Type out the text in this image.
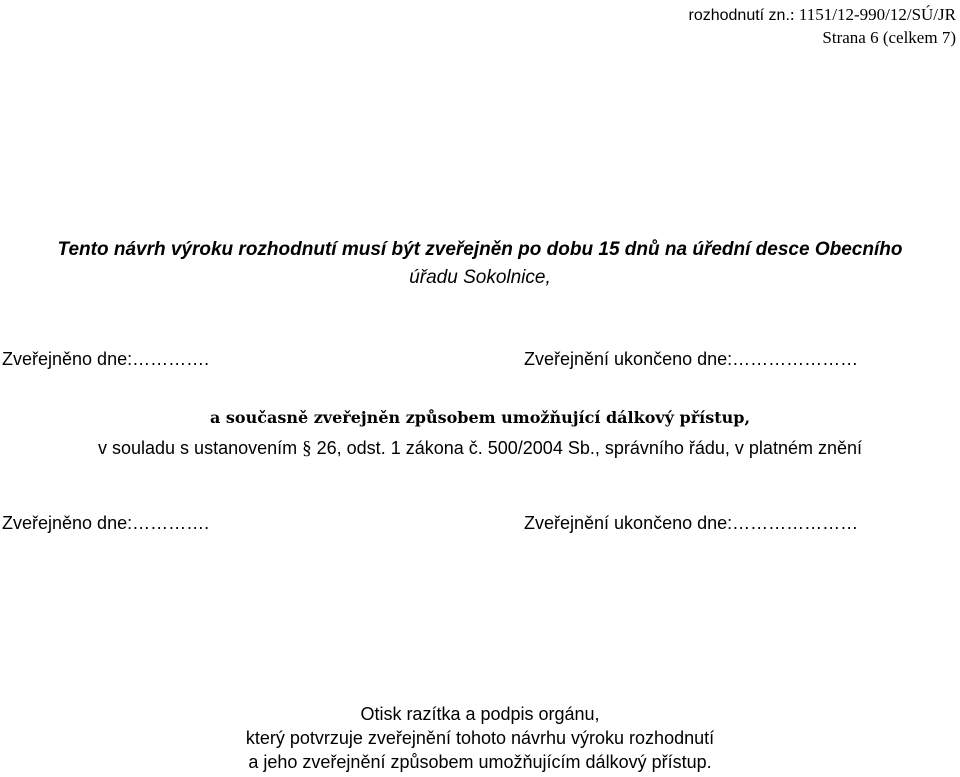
rozhodnutí zn.: 1151/12-990/12/SÚ/JR
Strana 6 (celkem 7)
Tento návrh výroku rozhodnutí musí být zveřejněn po dobu 15 dnů na úřední desce Obecního
úřadu Sokolnice,
Zveřejněno dne:………….	Zveřejnění ukončeno dne:…………………
a současně zveřejněn způsobem umožňující dálkový přístup,
v souladu s ustanovením § 26, odst. 1 zákona č. 500/2004 Sb., správního řádu, v platném znění
Zveřejněno dne:………….	Zveřejnění ukončeno dne:…………………
Otisk razítka a podpis orgánu,
který potvrzuje zveřejnění tohoto návrhu výroku rozhodnutí
a jeho zveřejnění způsobem umožňujícím dálkový přístup.
